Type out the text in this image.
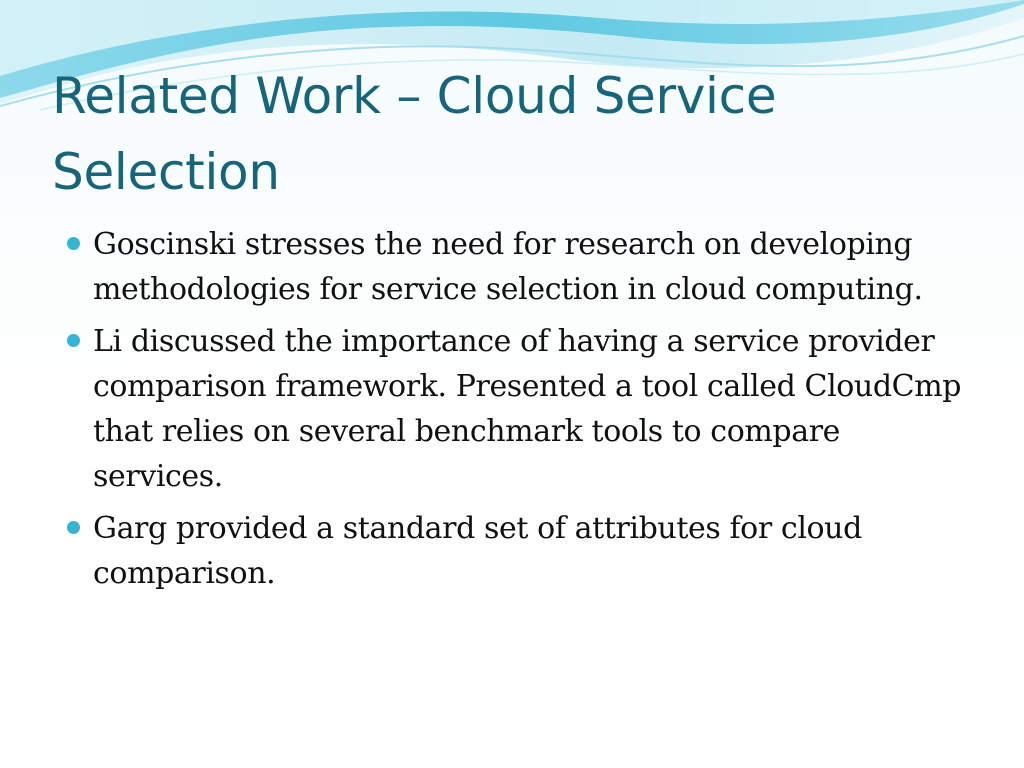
Related Work – Cloud Service Selection
Goscinski stresses the need for research on developing methodologies for service selection in cloud computing.
Li discussed the importance of having a service provider comparison framework. Presented a tool called CloudCmp that relies on several benchmark tools to compare services.
Garg provided a standard set of attributes for cloud comparison.
